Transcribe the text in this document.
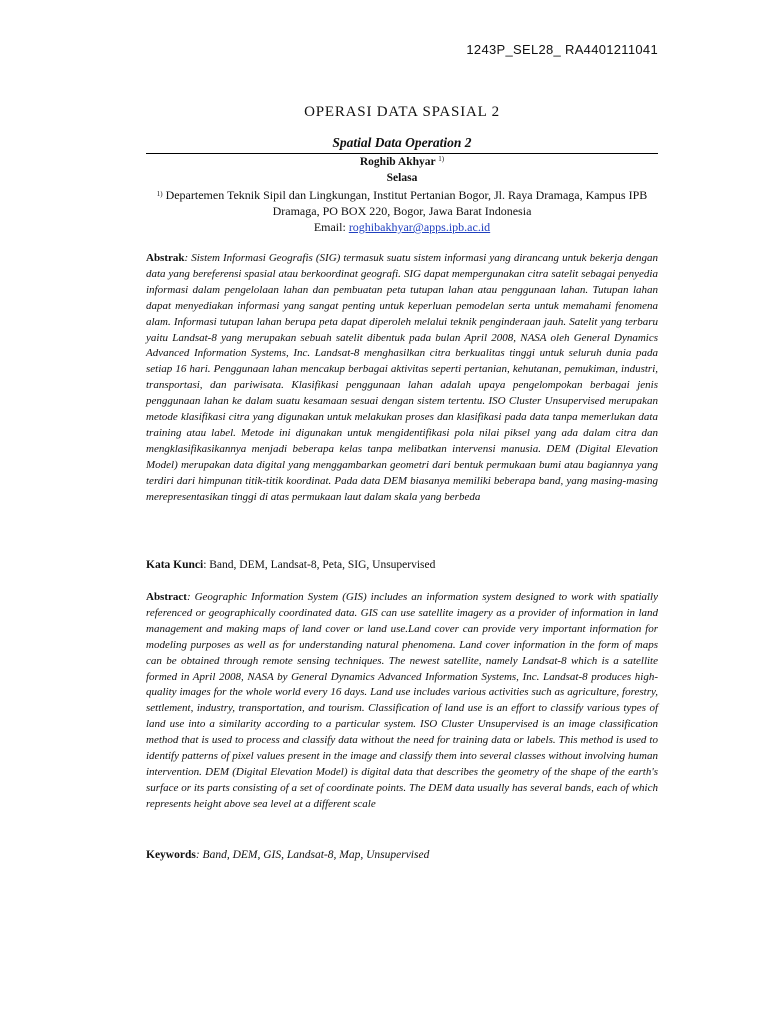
1243P_SEL28_ RA4401211041
OPERASI DATA SPASIAL 2
Spatial Data Operation 2
Roghib Akhyar $^{1)}$
Selasa
$^{1)}$ Departemen Teknik Sipil dan Lingkungan, Institut Pertanian Bogor, Jl. Raya Dramaga, Kampus IPB Dramaga, PO BOX 220, Bogor, Jawa Barat Indonesia
Email: roghibakhyar@apps.ipb.ac.id
Abstrak: Sistem Informasi Geografis (SIG) termasuk suatu sistem informasi yang dirancang untuk bekerja dengan data yang bereferensi spasial atau berkoordinat geografi. SIG dapat mempergunakan citra satelit sebagai penyedia informasi dalam pengelolaan lahan dan pembuatan peta tutupan lahan atau penggunaan lahan. Tutupan lahan dapat menyediakan informasi yang sangat penting untuk keperluan pemodelan serta untuk memahami fenomena alam. Informasi tutupan lahan berupa peta dapat diperoleh melalui teknik penginderaan jauh. Satelit yang terbaru yaitu Landsat-8 yang merupakan sebuah satelit dibentuk pada bulan April 2008, NASA oleh General Dynamics Advanced Information Systems, Inc. Landsat-8 menghasilkan citra berkualitas tinggi untuk seluruh dunia pada setiap 16 hari. Penggunaan lahan mencakup berbagai aktivitas seperti pertanian, kehutanan, pemukiman, industri, transportasi, dan pariwisata. Klasifikasi penggunaan lahan adalah upaya pengelompokan berbagai jenis penggunaan lahan ke dalam suatu kesamaan sesuai dengan sistem tertentu. ISO Cluster Unsupervised merupakan metode klasifikasi citra yang digunakan untuk melakukan proses dan klasifikasi pada data tanpa memerlukan data training atau label. Metode ini digunakan untuk mengidentifikasi pola nilai piksel yang ada dalam citra dan mengklasifikasikannya menjadi beberapa kelas tanpa melibatkan intervensi manusia. DEM (Digital Elevation Model) merupakan data digital yang menggambarkan geometri dari bentuk permukaan bumi atau bagiannya yang terdiri dari himpunan titik-titik koordinat. Pada data DEM biasanya memiliki beberapa band, yang masing-masing merepresentasikan tinggi di atas permukaan laut dalam skala yang berbeda
Kata Kunci: Band, DEM, Landsat-8, Peta, SIG, Unsupervised
Abstract: Geographic Information System (GIS) includes an information system designed to work with spatially referenced or geographically coordinated data. GIS can use satellite imagery as a provider of information in land management and making maps of land cover or land use.Land cover can provide very important information for modeling purposes as well as for understanding natural phenomena. Land cover information in the form of maps can be obtained through remote sensing techniques. The newest satellite, namely Landsat-8 which is a satellite formed in April 2008, NASA by General Dynamics Advanced Information Systems, Inc. Landsat-8 produces high-quality images for the whole world every 16 days. Land use includes various activities such as agriculture, forestry, settlement, industry, transportation, and tourism. Classification of land use is an effort to classify various types of land use into a similarity according to a particular system. ISO Cluster Unsupervised is an image classification method that is used to process and classify data without the need for training data or labels. This method is used to identify patterns of pixel values present in the image and classify them into several classes without involving human intervention. DEM (Digital Elevation Model) is digital data that describes the geometry of the shape of the earth's surface or its parts consisting of a set of coordinate points. The DEM data usually has several bands, each of which represents height above sea level at a different scale
Keywords: Band, DEM, GIS, Landsat-8, Map, Unsupervised
